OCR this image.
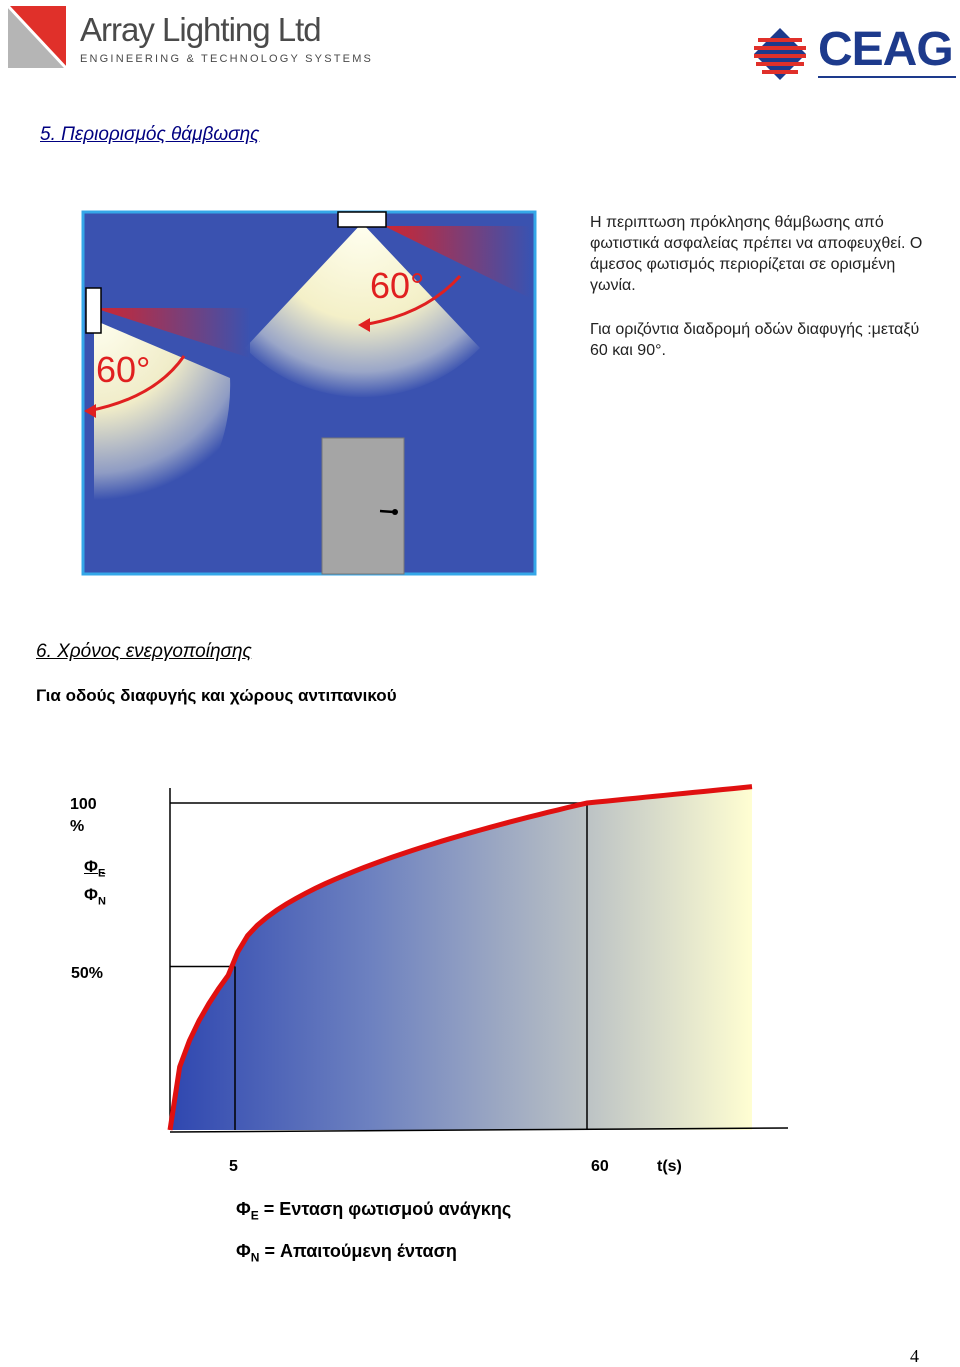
Array Lighting Ltd
ENGINEERING & TECHNOLOGY SYSTEMS	CEAG
5. Περιορισμός θάμβωσης
60°
60°
Η περιπτωση πρόκλησης θάμβωσης από φωτιστικά ασφαλείας πρέπει να αποφευχθεί. Ο άμεσος φωτισμός περιορίζεται σε ορισμένη γωνία.
Για οριζόντια διαδρομή οδών διαφυγής :μεταξύ 60 και 90°.
6. Χρόνος ενεργοποίησης
Για οδούς διαφυγής και χώρους αντιπανικού
100 %
$\frac{\Phi_E}{\Phi_N}$
50%
5	60	t(s)
$\Phi_E = E\nu\tau\alpha\sigma\eta$ φωτισμού ανάγκης
$\Phi_N = A\pi\alpha\iota\tau oύ\mu\varepsilon\nu\eta$ ένταση
4
